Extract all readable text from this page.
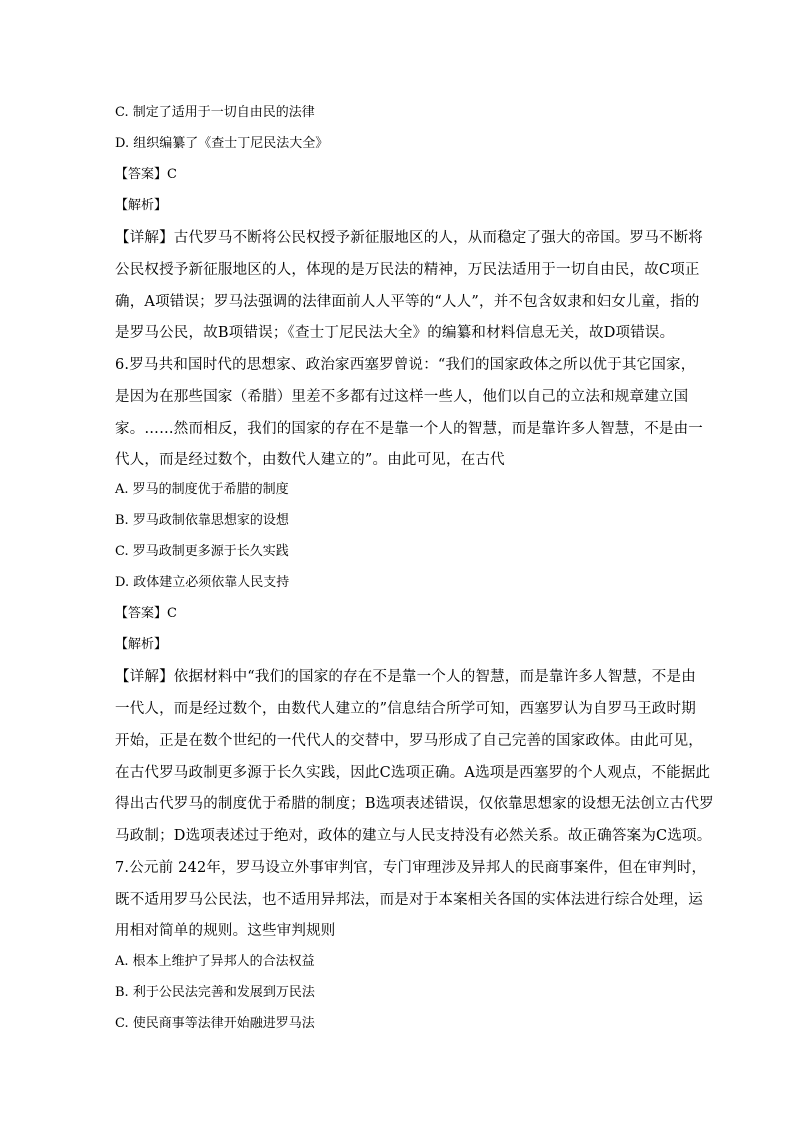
C. 制定了适用于一切自由民的法律
D. 组织编纂了《查士丁尼民法大全》
【答案】C
【解析】
【详解】古代罗马不断将公民权授予新征服地区的人，从而稳定了强大的帝国。罗马不断将
公民权授予新征服地区的人，体现的是万民法的精神，万民法适用于一切自由民，故C项正
确，A项错误；罗马法强调的法律面前人人平等的“人人”，并不包含奴隶和妇女儿童，指的
是罗马公民，故B项错误；《查士丁尼民法大全》的编纂和材料信息无关，故D项错误。
6.罗马共和国时代的思想家、政治家西塞罗曾说：“我们的国家政体之所以优于其它国家，
是因为在那些国家（希腊）里差不多都有过这样一些人，他们以自己的立法和规章建立国
家。……然而相反，我们的国家的存在不是靠一个人的智慧，而是靠许多人智慧，不是由一
代人，而是经过数个，由数代人建立的”。由此可见，在古代
A. 罗马的制度优于希腊的制度
B. 罗马政制依靠思想家的设想
C. 罗马政制更多源于长久实践
D. 政体建立必须依靠人民支持
【答案】C
【解析】
【详解】依据材料中“我们的国家的存在不是靠一个人的智慧，而是靠许多人智慧，不是由
一代人，而是经过数个，由数代人建立的”信息结合所学可知，西塞罗认为自罗马王政时期
开始，正是在数个世纪的一代代人的交替中，罗马形成了自己完善的国家政体。由此可见，
在古代罗马政制更多源于长久实践，因此C选项正确。A选项是西塞罗的个人观点，不能据此
得出古代罗马的制度优于希腊的制度；B选项表述错误，仅依靠思想家的设想无法创立古代罗
马政制；D选项表述过于绝对，政体的建立与人民支持没有必然关系。故正确答案为C选项。
7.公元前 242年，罗马设立外事审判官，专门审理涉及异邦人的民商事案件，但在审判时，
既不适用罗马公民法，也不适用异邦法，而是对于本案相关各国的实体法进行综合处理，运
用相对简单的规则。这些审判规则
A. 根本上维护了异邦人的合法权益
B. 利于公民法完善和发展到万民法
C. 使民商事等法律开始融进罗马法
